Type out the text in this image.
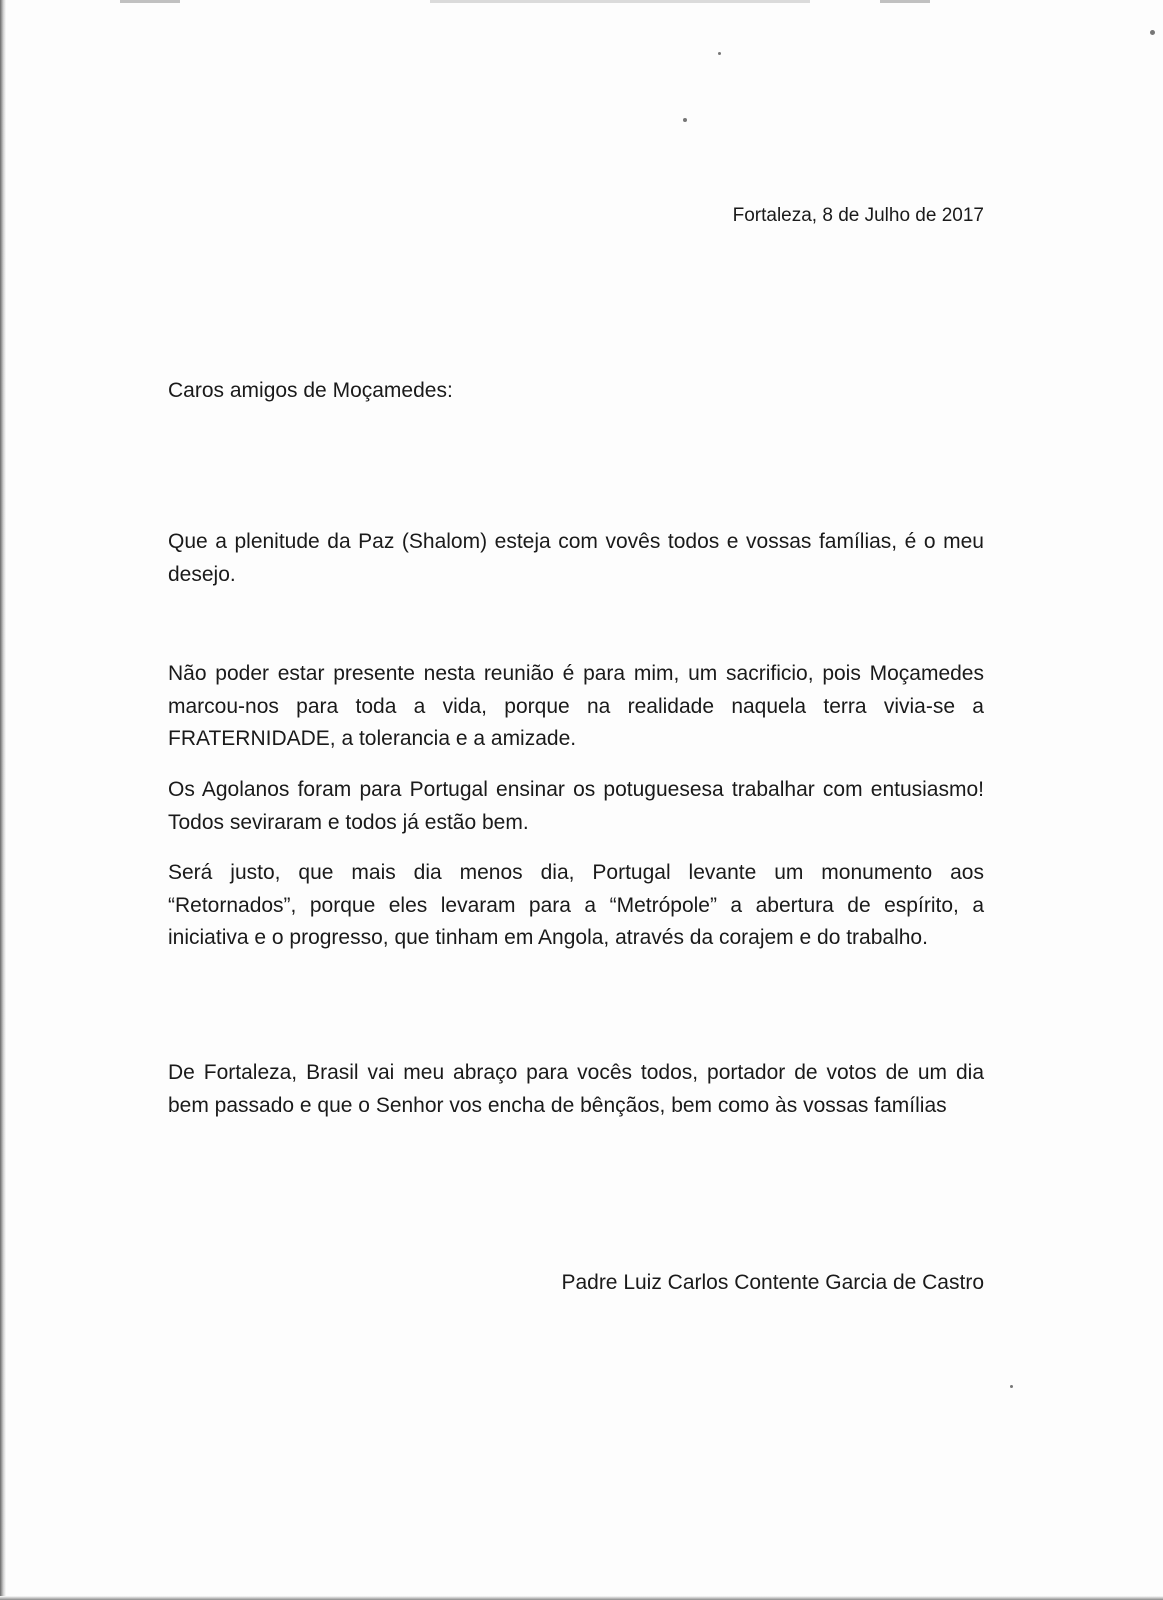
Fortaleza, 8 de Julho de 2017

Caros amigos de Moçamedes:

Que a plenitude da Paz (Shalom) esteja com vovês todos e vossas famílias, é o meu desejo.

Não poder estar presente nesta reunião é para mim, um sacrificio, pois Moçamedes marcou-nos para toda a vida, porque na realidade naquela terra vivia-se a FRATERNIDADE, a tolerancia e a amizade.

Os Agolanos foram para Portugal ensinar os potuguesesa trabalhar com entusiasmo! Todos seviraram e todos já estão bem.

Será justo, que mais dia menos dia, Portugal levante um monumento aos “Retornados”, porque eles levaram para a “Metrópole” a abertura de espírito, a iniciativa e o progresso, que tinham em Angola, através da corajem e do trabalho.

De Fortaleza, Brasil vai meu abraço para vocês todos, portador de votos de um dia bem passado e que o Senhor vos encha de bênçãos, bem como às vossas famílias

Padre Luiz Carlos Contente Garcia de Castro
